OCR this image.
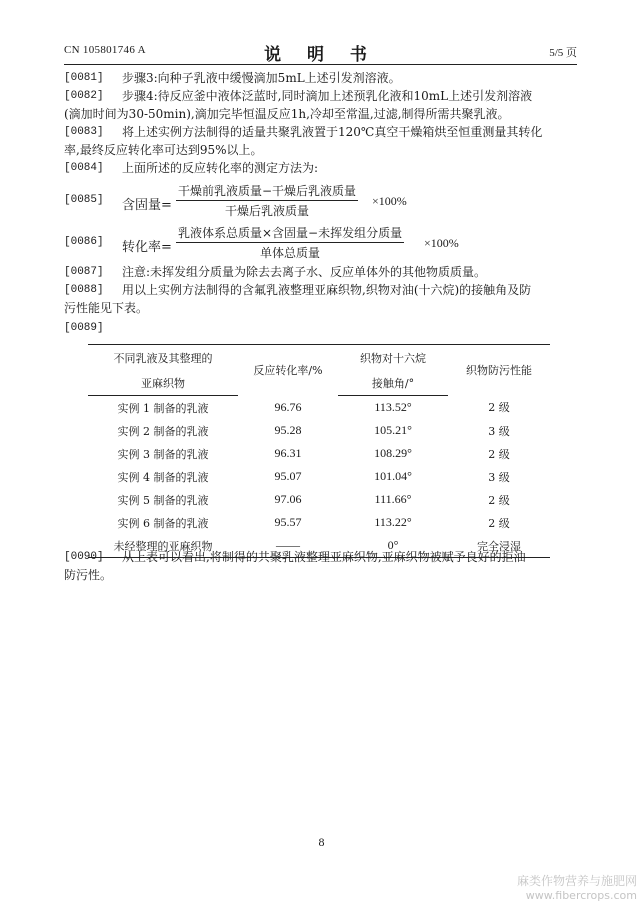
CN 105801746 A	说 明 书	5/5 页
[0081] 步骤3:向种子乳液中缓慢滴加5mL上述引发剂溶液。
[0082] 步骤4:待反应釜中液体泛蓝时,同时滴加上述预乳化液和10mL上述引发剂溶液
(滴加时间为30-50min),滴加完毕恒温反应1h,冷却至常温,过滤,制得所需共聚乳液。
[0083] 将上述实例方法制得的适量共聚乳液置于120℃真空干燥箱烘至恒重测量其转化
率,最终反应转化率可达到95%以上。
[0084] 上面所述的反应转化率的测定方法为:
[0085] 含固量=
干燥前乳液质量−干燥后乳液质量
干燥后乳液质量
×100%
[0086] 转化率=
乳液体系总质量×含固量−未挥发组分质量
单体总质量
×100%
[0087] 注意:未挥发组分质量为除去去离子水、反应单体外的其他物质质量。
[0088] 用以上实例方法制得的含氟乳液整理亚麻织物,织物对油(十六烷)的接触角及防
污性能见下表。
[0089]
不同乳液及其整理的	反应转化率/%	织物对十六烷	织物防污性能
亚麻织物		接触角/°	
实例 1 制备的乳液	96.76	113.52°	2 级
实例 2 制备的乳液	95.28	105.21°	3 级
实例 3 制备的乳液	96.31	108.29°	2 级
实例 4 制备的乳液	95.07	101.04°	3 级
实例 5 制备的乳液	97.06	111.66°	2 级
实例 6 制备的乳液	95.57	113.22°	2 级
未经整理的亚麻织物	——	0°	完全浸湿
[0090] 从上表可以看出,将制得的共聚乳液整理亚麻织物,亚麻织物被赋予良好的拒油
防污性。
8
麻类作物营养与施肥网
www.fibercrops.com
